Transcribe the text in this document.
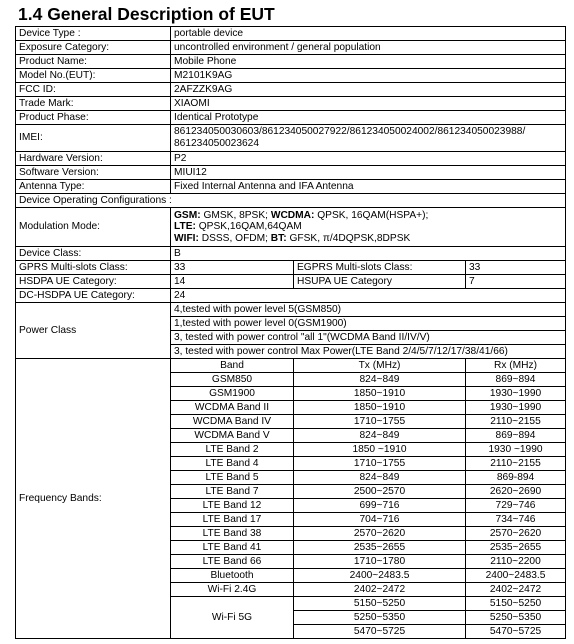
1.4 General Description of EUT
Device Type :	portable device		
Exposure Category:	uncontrolled environment / general population		
Product Name:	Mobile Phone		
Model No.(EUT):	M2101K9AG		
FCC ID:	2AFZZK9AG		
Trade Mark:	XIAOMI		
Product Phase:	Identical Prototype		
IMEI:	861234050030603/861234050027922/861234050024002/861234050023988/ 861234050023624		
Hardware Version:	P2		
Software Version:	MIUI12		
Antenna Type:	Fixed Internal Antenna and IFA Antenna		
Device Operating Configurations :			
Modulation Mode:	GSM: GMSK, 8PSK; WCDMA: QPSK, 16QAM(HSPA+);
LTE: QPSK,16QAM,64QAM
WIFI: DSSS, OFDM; BT: GFSK, π/4DQPSK,8DPSK		
Device Class:	B		
GPRS Multi-slots Class:	33	EGPRS Multi-slots Class:	33
HSDPA UE Category:	14	HSUPA UE Category	7
DC-HSDPA UE Category:	24		
Power Class	4,tested with power level 5(GSM850)		
	1,tested with power level 0(GSM1900)		
	3, tested with power control "all 1"(WCDMA Band II/IV/V)		
	3, tested with power control Max Power(LTE Band 2/4/5/7/12/17/38/41/66)		
Frequency Bands:	Band	Tx (MHz)	Rx (MHz)
	GSM850	824~849	869~894
	GSM1900	1850~1910	1930~1990
	WCDMA Band II	1850~1910	1930~1990
	WCDMA Band IV	1710~1755	2110~2155
	WCDMA Band V	824~849	869~894
	LTE Band 2	1850 ~1910	1930 ~1990
	LTE Band 4	1710~1755	2110~2155
	LTE Band 5	824~849	869-894
	LTE Band 7	2500~2570	2620~2690
	LTE Band 12	699~716	729~746
	LTE Band 17	704~716	734~746
	LTE Band 38	2570~2620	2570~2620
	LTE Band 41	2535~2655	2535~2655
	LTE Band 66	1710~1780	2110~2200
	Bluetooth	2400~2483.5	2400~2483.5
	Wi-Fi 2.4G	2402~2472	2402~2472
	Wi-Fi 5G	5150~5250	5150~5250
		5250~5350	5250~5350
		5470~5725	5470~5725
